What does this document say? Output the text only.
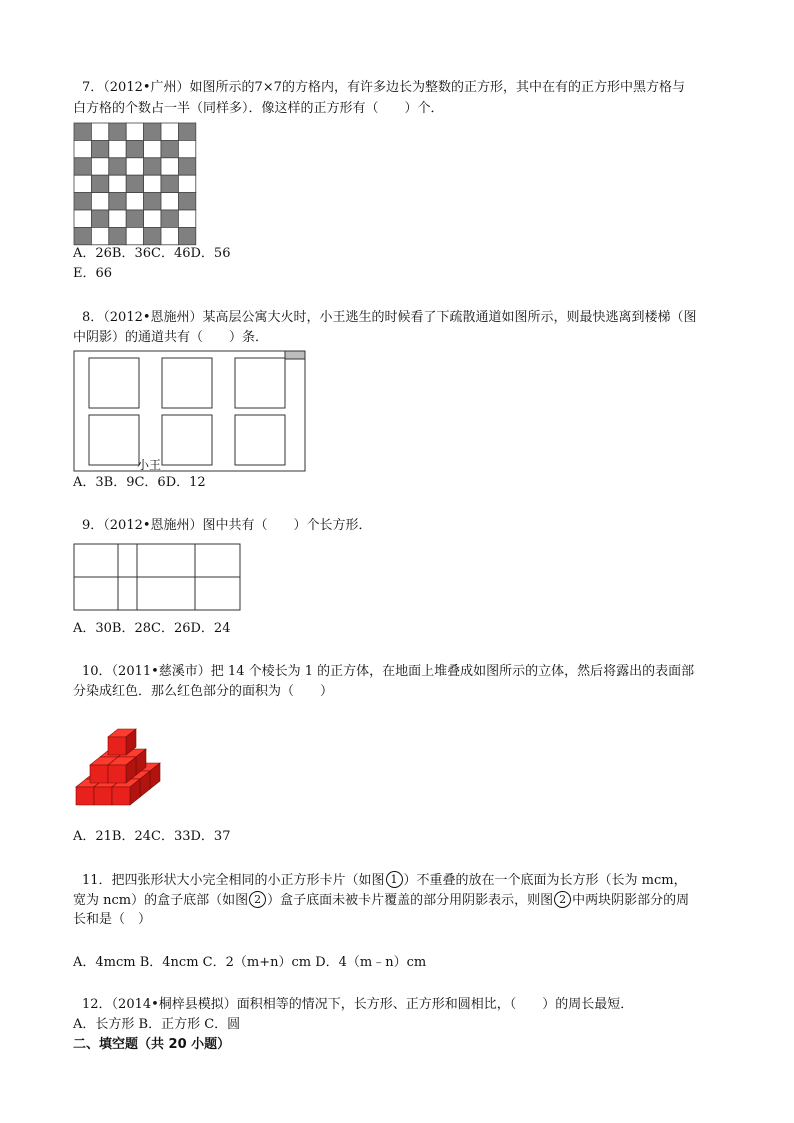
7．（2012•广州）如图所示的7×7的方格内，有许多边长为整数的正方形，其中在有的正方形中黑方格与
白方格的个数占一半（同样多）．像这样的正方形有（　　）个．
A．26B．36C．46D．56
E．66
8．（2012•恩施州）某高层公寓大火时，小王逃生的时候看了下疏散通道如图所示，则最快逃离到楼梯（图
中阴影）的通道共有（　　）条．
小王
A．3B．9C．6D．12
9．（2012•恩施州）图中共有（　　）个长方形．
A．30B．28C．26D．24
10．（2011•慈溪市）把 14 个棱长为 1 的正方体，在地面上堆叠成如图所示的立体，然后将露出的表面部
分染成红色．那么红色部分的面积为（　　）
A．21B．24C．33D．37
11．把四张形状大小完全相同的小正方形卡片（如图 1 ）不重叠的放在一个底面为长方形（长为 mcm，
宽为 ncm）的盒子底部（如图 2 ）盒子底面未被卡片覆盖的部分用阴影表示，则图 2 中两块阴影部分的周
长和是（　）
A．4mcm B．4ncm C．2（m+n）cm D．4（m﹣n）cm
12．（2014•桐梓县模拟）面积相等的情况下，长方形、正方形和圆相比，（　　）的周长最短．
A．长方形 B．正方形 C．圆
二、填空题（共 20 小题）
